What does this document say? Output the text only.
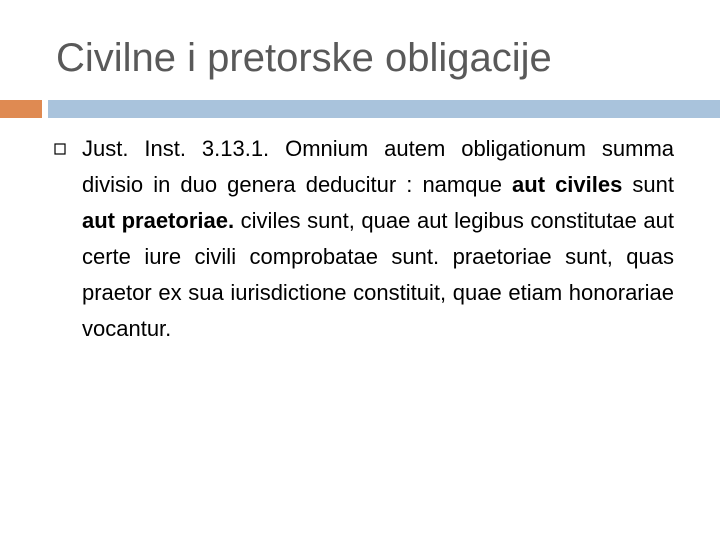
Civilne i pretorske obligacije
Just. Inst. 3.13.1. Omnium autem obligationum summa divisio in duo genera deducitur : namque aut civiles sunt aut praetoriae. civiles sunt, quae aut legibus constitutae aut certe iure civili comprobatae sunt. praetoriae sunt, quas praetor ex sua iurisdictione constituit, quae etiam honorariae vocantur.
